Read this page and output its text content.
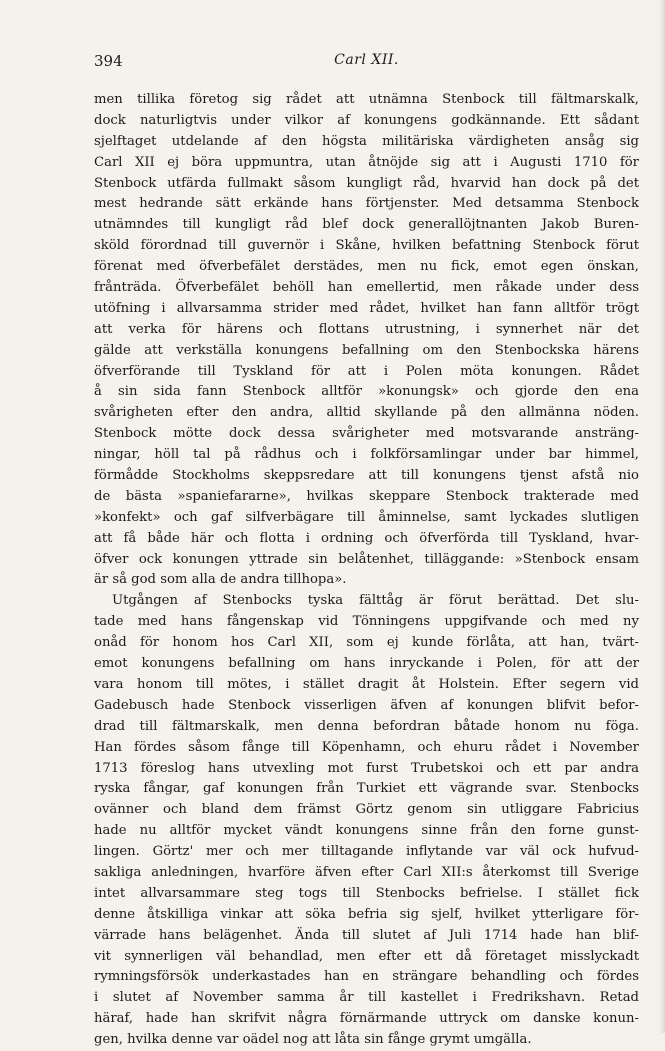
394	Carl XII.
men tillika företog sig rådet att utnämna Stenbock till fältmarskalk,
dock naturligtvis under vilkor af konungens godkännande. Ett sådant
sjelftaget utdelande af den högsta militäriska värdigheten ansåg sig
Carl XII ej böra uppmuntra, utan åtnöjde sig att i Augusti 1710 för
Stenbock utfärda fullmakt såsom kungligt råd, hvarvid han dock på det
mest hedrande sätt erkände hans förtjenster. Med detsamma Stenbock
utnämndes till kungligt råd blef dock generallöjtnanten Jakob Buren-
sköld förordnad till guvernör i Skåne, hvilken befattning Stenbock förut
förenat med öfverbefälet derstädes, men nu fick, emot egen önskan,
frånträda. Öfverbefälet behöll han emellertid, men råkade under dess
utöfning i allvarsamma strider med rådet, hvilket han fann alltför trögt
att verka för härens och flottans utrustning, i synnerhet när det
gälde att verkställa konungens befallning om den Stenbockska härens
öfverförande till Tyskland för att i Polen möta konungen. Rådet
å sin sida fann Stenbock alltför »konungsk» och gjorde den ena
svårigheten efter den andra, alltid skyllande på den allmänna nöden.
Stenbock mötte dock dessa svårigheter med motsvarande ansträng-
ningar, höll tal på rådhus och i folkförsamlingar under bar himmel,
förmådde Stockholms skeppsredare att till konungens tjenst afstå nio
de bästa »spaniefararne», hvilkas skeppare Stenbock trakterade med
»konfekt» och gaf silfverbägare till åminnelse, samt lyckades slutligen
att få både här och flotta i ordning och öfverförda till Tyskland, hvar-
öfver ock konungen yttrade sin belåtenhet, tilläggande: »Stenbock ensam
är så god som alla de andra tillhopa».
Utgången af Stenbocks tyska fälttåg är förut berättad. Det slu-
tade med hans fångenskap vid Tönningens uppgifvande och med ny
onåd för honom hos Carl XII, som ej kunde förlåta, att han, tvärt-
emot konungens befallning om hans inryckande i Polen, för att der
vara honom till mötes, i stället dragit åt Holstein. Efter segern vid
Gadebusch hade Stenbock visserligen äfven af konungen blifvit befor-
drad till fältmarskalk, men denna befordran båtade honom nu föga.
Han fördes såsom fånge till Köpenhamn, och ehuru rådet i November
1713 föreslog hans utvexling mot furst Trubetskoi och ett par andra
ryska fångar, gaf konungen från Turkiet ett vägrande svar. Stenbocks
ovänner och bland dem främst Görtz genom sin utliggare Fabricius
hade nu alltför mycket vändt konungens sinne från den forne gunst-
lingen. Görtz' mer och mer tilltagande inflytande var väl ock hufvud-
sakliga anledningen, hvarföre äfven efter Carl XII:s återkomst till Sverige
intet allvarsammare steg togs till Stenbocks befrielse. I stället fick
denne åtskilliga vinkar att söka befria sig sjelf, hvilket ytterligare för-
värrade hans belägenhet. Ända till slutet af Juli 1714 hade han blif-
vit synnerligen väl behandlad, men efter ett då företaget misslyckadt
rymningsförsök underkastades han en strängare behandling och fördes
i slutet af November samma år till kastellet i Fredrikshavn. Retad
häraf, hade han skrifvit några förnärmande uttryck om danske konun-
gen, hvilka denne var oädel nog att låta sin fånge grymt umgälla.
